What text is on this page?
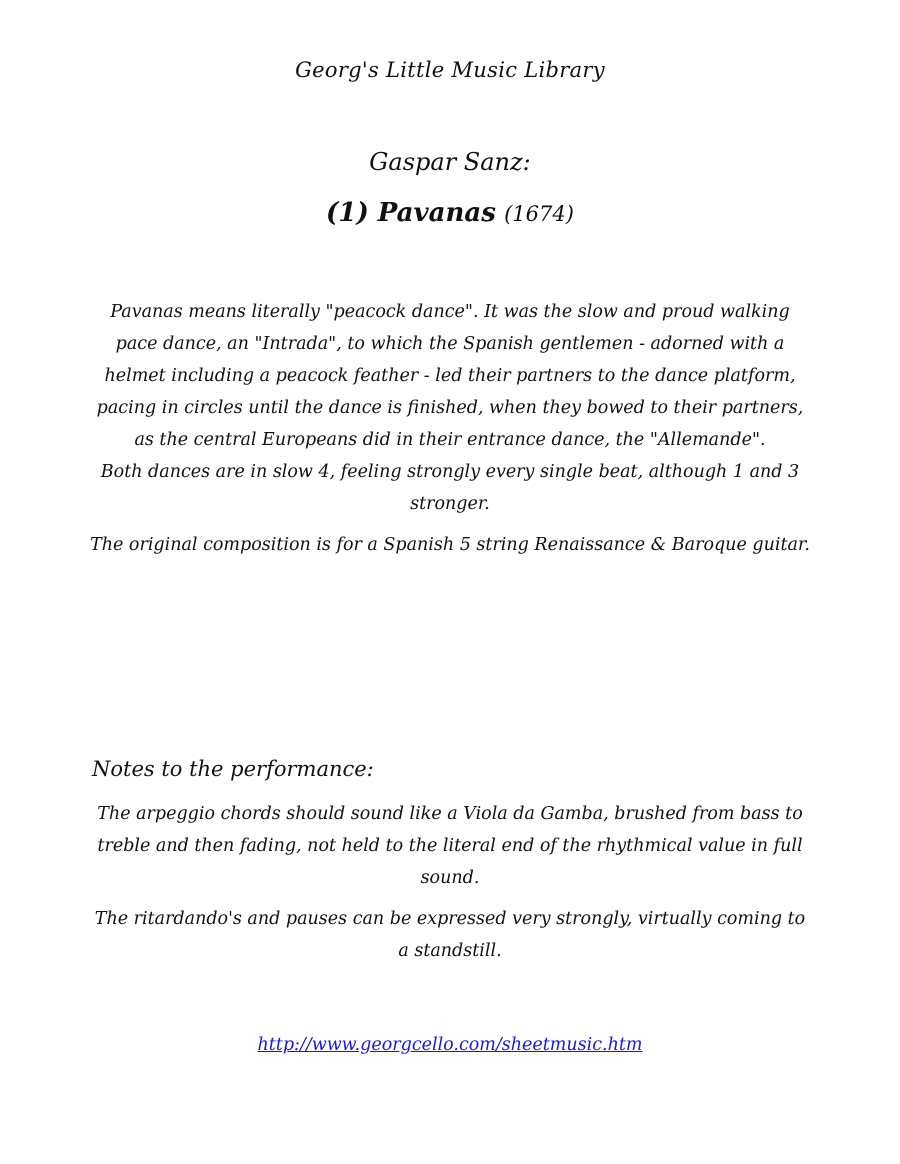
Georg's Little Music Library
Gaspar Sanz:
(1) Pavanas (1674)

Pavanas means literally "peacock dance". It was the slow and proud walking pace dance, an "Intrada", to which the Spanish gentlemen - adorned with a helmet including a peacock feather - led their partners to the dance platform, pacing in circles until the dance is finished, when they bowed to their partners, as the central Europeans did in their entrance dance, the "Allemande".

Both dances are in slow 4, feeling strongly every single beat, although 1 and 3 stronger.

The original composition is for a Spanish 5 string Renaissance & Baroque guitar.

Notes to the performance:

The arpeggio chords should sound like a Viola da Gamba, brushed from bass to treble and then fading, not held to the literal end of the rhythmical value in full sound.

The ritardando's and pauses can be expressed very strongly, virtually coming to a standstill.

http://www.georgcello.com/sheetmusic.htm
